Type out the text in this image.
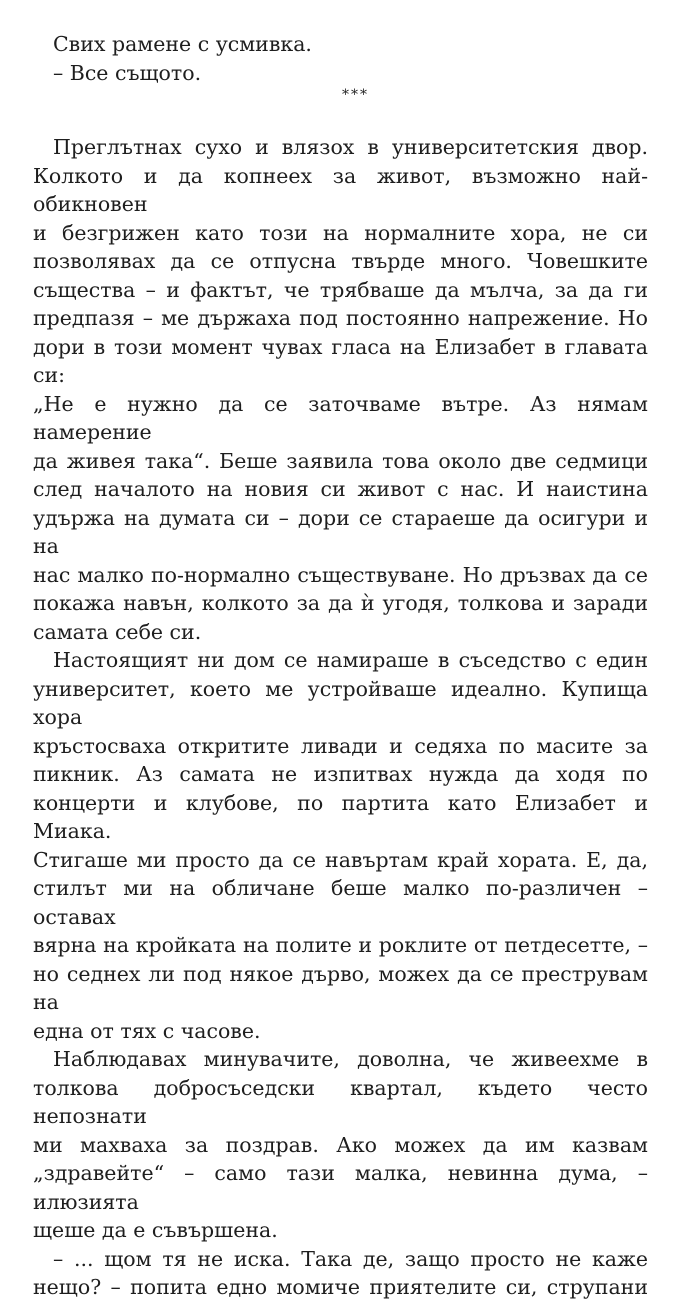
Свих рамене с усмивка.
– Все същото.
***
Преглътнах сухо и влязох в университетския двор.
Колкото и да копнеех за живот, възможно най-обикновен
и безгрижен като този на нормалните хора, не си
позволявах да се отпусна твърде много. Човешките
същества – и фактът, че трябваше да мълча, за да ги
предпазя – ме държаха под постоянно напрежение. Но
дори в този момент чувах гласа на Елизабет в главата си:
„Не е нужно да се заточваме вътре. Аз нямам намерение
да живея така“. Беше заявила това около две седмици
след началото на новия си живот с нас. И наистина
удържа на думата си – дори се стараеше да осигури и на
нас малко по-нормално съществуване. Но дръзвах да се
покажа навън, колкото за да ѝ угодя, толкова и заради
самата себе си.
Настоящият ни дом се намираше в съседство с един
университет, което ме устройваше идеално. Купища хора
кръстосваха откритите ливади и седяха по масите за
пикник. Аз самата не изпитвах нужда да ходя по
концерти и клубове, по партита като Елизабет и Миака.
Стигаше ми просто да се навъртам край хората. Е, да,
стилът ми на обличане беше малко по-различен – оставах
вярна на кройката на полите и роклите от петдесетте, –
но седнех ли под някое дърво, можех да се преструвам на
една от тях с часове.
Наблюдавах минувачите, доволна, че живеехме в
толкова добросъседски квартал, където често непознати
ми махваха за поздрав. Ако можех да им казвам
„здравейте“ – само тази малка, невинна дума, – илюзията
щеше да е съвършена.
– ... щом тя не иска. Така де, защо просто не каже
нещо? – попита едно момиче приятелите си, струпани
